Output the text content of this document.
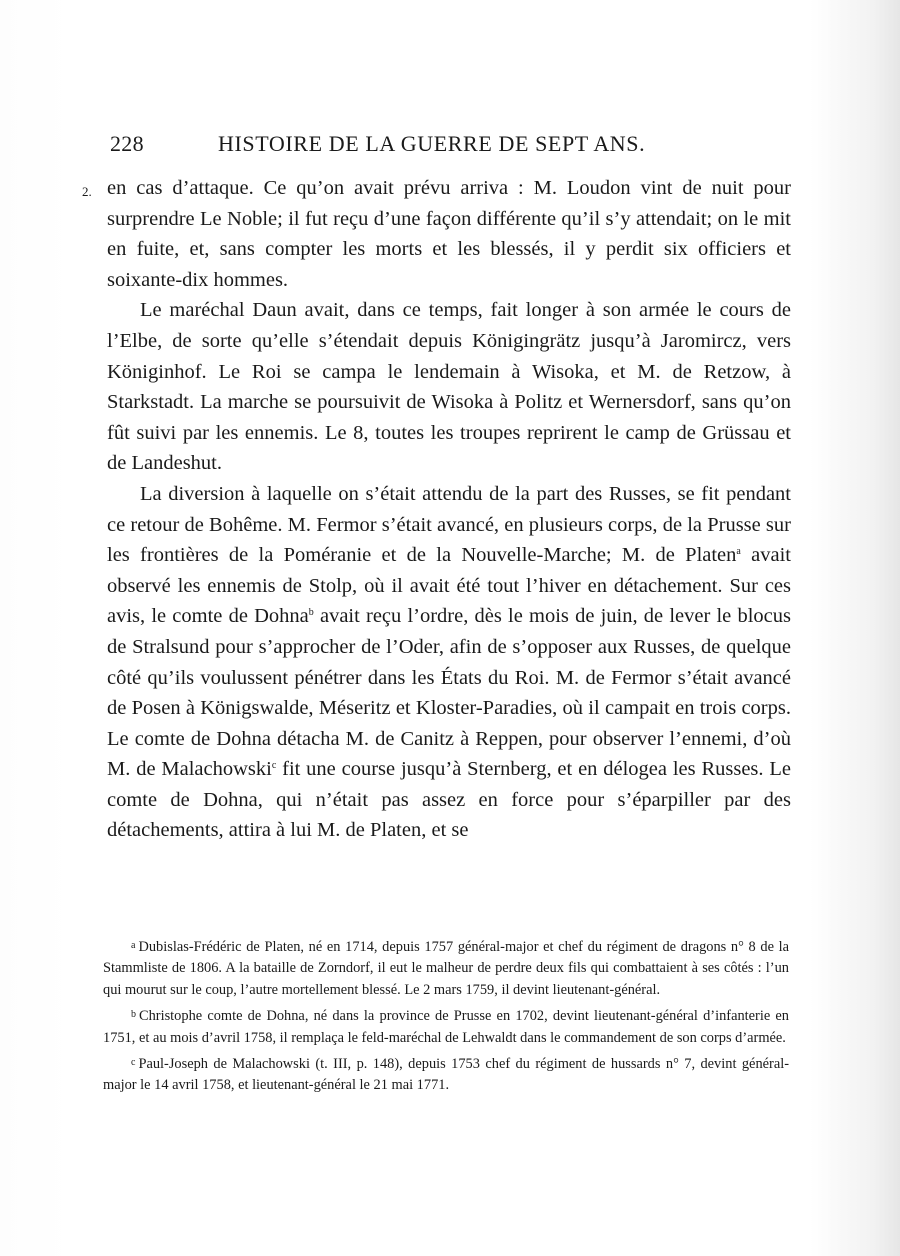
228	HISTOIRE DE LA GUERRE DE SEPT ANS.
2. en cas d’attaque. Ce qu’on avait prévu arriva : M. Loudon vint de nuit pour surprendre Le Noble; il fut reçu d’une façon différente qu’il s’y attendait; on le mit en fuite, et, sans compter les morts et les blessés, il y perdit six officiers et soixante-dix hommes.

Le maréchal Daun avait, dans ce temps, fait longer à son armée le cours de l’Elbe, de sorte qu’elle s’étendait depuis Königingrätz jusqu’à Jaromircz, vers Königinhof. Le Roi se campa le lendemain à Wisoka, et M. de Retzow, à Starkstadt. La marche se poursuivit de Wisoka à Politz et Wernersdorf, sans qu’on fût suivi par les ennemis. Le 8, toutes les troupes reprirent le camp de Grüssau et de Landeshut.

La diversion à laquelle on s’était attendu de la part des Russes, se fit pendant ce retour de Bohême. M. Fermor s’était avancé, en plusieurs corps, de la Prusse sur les frontières de la Poméranie et de la Nouvelle-Marche; M. de Platen$^a$ avait observé les ennemis de Stolp, où il avait été tout l’hiver en détachement. Sur ces avis, le comte de Dohna$^b$ avait reçu l’ordre, dès le mois de juin, de lever le blocus de Stralsund pour s’approcher de l’Oder, afin de s’opposer aux Russes, de quelque côté qu’ils voulussent pénétrer dans les États du Roi. M. de Fermor s’était avancé de Posen à Königswalde, Méseritz et Kloster-Paradies, où il campait en trois corps. Le comte de Dohna détacha M. de Canitz à Reppen, pour observer l’ennemi, d’où M. de Malachowski$^c$ fit une course jusqu’à Sternberg, et en délogea les Russes. Le comte de Dohna, qui n’était pas assez en force pour s’éparpiller par des détachements, attira à lui M. de Platen, et se

$^a$ Dubislas-Frédéric de Platen, né en 1714, depuis 1757 général-major et chef du régiment de dragons n° 8 de la Stammliste de 1806. A la bataille de Zorndorf, il eut le malheur de perdre deux fils qui combattaient à ses côtés : l’un qui mourut sur le coup, l’autre mortellement blessé. Le 2 mars 1759, il devint lieutenant-général.

$^b$ Christophe comte de Dohna, né dans la province de Prusse en 1702, devint lieutenant-général d’infanterie en 1751, et au mois d’avril 1758, il remplaça le feld-maréchal de Lehwaldt dans le commandement de son corps d’armée.

$^c$ Paul-Joseph de Malachowski (t. III, p. 148), depuis 1753 chef du régiment de hussards n° 7, devint général-major le 14 avril 1758, et lieutenant-général le 21 mai 1771.
